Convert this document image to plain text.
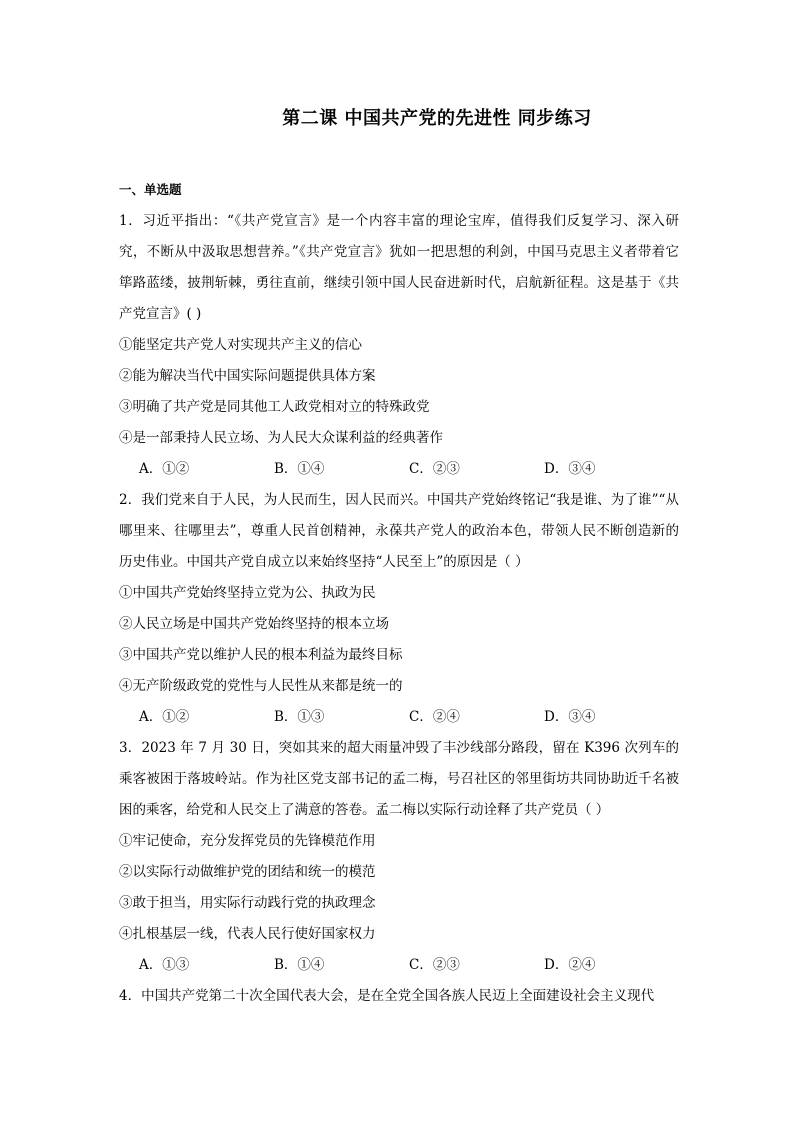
第二课 中国共产党的先进性 同步练习
一、单选题

1．习近平指出：“《共产党宣言》是一个内容丰富的理论宝库，值得我们反复学习、深入研究，不断从中汲取思想营养。”《共产党宣言》犹如一把思想的利剑，中国马克思主义者带着它筚路蓝缕，披荆斩棘，勇往直前，继续引领中国人民奋进新时代，启航新征程。这是基于《共产党宣言》( )

①能坚定共产党人对实现共产主义的信心

②能为解决当代中国实际问题提供具体方案

③明确了共产党是同其他工人政党相对立的特殊政党

④是一部秉持人民立场、为人民大众谋利益的经典著作

A．①②	B．①④	C．②③	D．③④

2．我们党来自于人民，为人民而生，因人民而兴。中国共产党始终铭记“我是谁、为了谁”“从哪里来、往哪里去”，尊重人民首创精神，永葆共产党人的政治本色，带领人民不断创造新的历史伟业。中国共产党自成立以来始终坚持“人民至上”的原因是（ ）

①中国共产党始终坚持立党为公、执政为民

②人民立场是中国共产党始终坚持的根本立场

③中国共产党以维护人民的根本利益为最终目标

④无产阶级政党的党性与人民性从来都是统一的

A．①②	B．①③	C．②④	D．③④

3．2023 年 7 月 30 日，突如其来的超大雨量冲毁了丰沙线部分路段，留在 K396 次列车的乘客被困于落坡岭站。作为社区党支部书记的孟二梅，号召社区的邻里街坊共同协助近千名被困的乘客，给党和人民交上了满意的答卷。孟二梅以实际行动诠释了共产党员（ ）

①牢记使命，充分发挥党员的先锋模范作用

②以实际行动做维护党的团结和统一的模范

③敢于担当，用实际行动践行党的执政理念

④扎根基层一线，代表人民行使好国家权力

A．①③	B．①④	C．②③	D．②④

4．中国共产党第二十次全国代表大会，是在全党全国各族人民迈上全面建设社会主义现代
